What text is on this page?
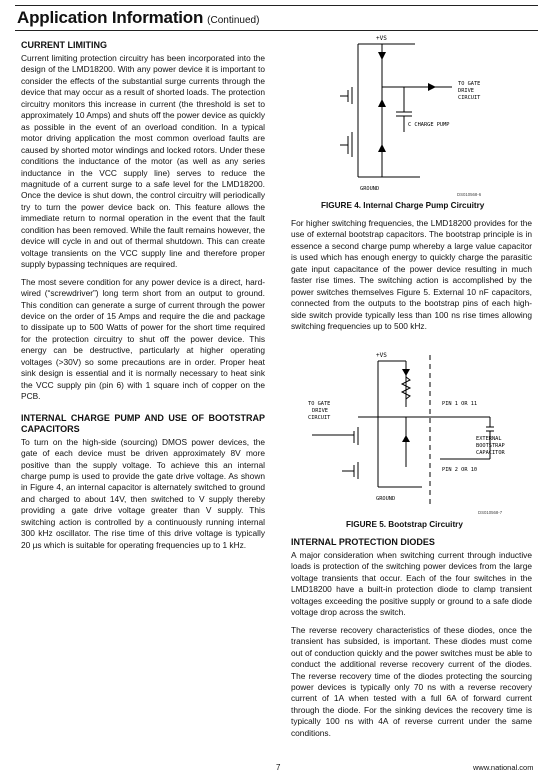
Application Information (Continued)
CURRENT LIMITING

Current limiting protection circuitry has been incorporated into the design of the LMD18200. With any power device it is important to consider the effects of the substantial surge currents through the device that may occur as a result of shorted loads. The protection circuitry monitors this increase in current (the threshold is set to approximately 10 Amps) and shuts off the power device as quickly as possible in the event of an overload condition. In a typical motor driving application the most common overload faults are caused by shorted motor windings and locked rotors. Under these conditions the inductance of the motor (as well as any series inductance in the VCC supply line) serves to reduce the magnitude of a current surge to a safe level for the LMD18200. Once the device is shut down, the control circuitry will periodically try to turn the power device back on. This feature allows the immediate return to normal operation in the event that the fault condition has been removed. While the fault remains however, the device will cycle in and out of thermal shutdown. This can create voltage transients on the VCC supply line and therefore proper supply bypassing techniques are required.

The most severe condition for any power device is a direct, hard-wired (“screwdriver”) long term short from an output to ground. This condition can generate a surge of current through the power device on the order of 15 Amps and require the die and package to dissipate up to 500 Watts of power for the short time required for the protection circuitry to shut off the power device. This energy can be destructive, particularly at higher operating voltages (>30V) so some precautions are in order. Proper heat sink design is essential and it is normally necessary to heat sink the VCC supply pin (pin 6) with 1 square inch of copper on the PCB.

INTERNAL CHARGE PUMP AND USE OF BOOTSTRAP CAPACITORS

To turn on the high-side (sourcing) DMOS power devices, the gate of each device must be driven approximately 8V more positive than the supply voltage. To achieve this an internal charge pump is used to provide the gate drive voltage. As shown in Figure 4, an internal capacitor is alternately switched to ground and charged to about 14V, then switched to V supply thereby providing a gate drive voltage greater than V supply. This switching action is controlled by a continuously running internal 300 kHz oscillator. The rise time of this drive voltage is typically 20 µs which is suitable for operating frequencies up to 1 kHz.

+VS
TO GATE
DRIVE
CIRCUIT
C CHARGE PUMP
GROUND
DS010568-6
FIGURE 4. Internal Charge Pump Circuitry

For higher switching frequencies, the LMD18200 provides for the use of external bootstrap capacitors. The bootstrap principle is in essence a second charge pump whereby a large value capacitor is used which has enough energy to quickly charge the parasitic gate input capacitance of the power device resulting in much faster rise times. The switching action is accomplished by the power switches themselves Figure 5. External 10 nF capacitors, connected from the outputs to the bootstrap pins of each high-side switch provide typically less than 100 ns rise times allowing switching frequencies up to 500 kHz.

+VS
TO GATE
DRIVE
CIRCUIT
PIN 1 OR 11
PIN 2 OR 10
EXTERNAL
BOOTSTRAP
CAPACITOR
GROUND
DS010568-7
FIGURE 5. Bootstrap Circuitry
INTERNAL PROTECTION DIODES

A major consideration when switching current through inductive loads is protection of the switching power devices from the large voltage transients that occur. Each of the four switches in the LMD18200 have a built-in protection diode to clamp transient voltages exceeding the positive supply or ground to a safe diode voltage drop across the switch.

The reverse recovery characteristics of these diodes, once the transient has subsided, is important. These diodes must come out of conduction quickly and the power switches must be able to conduct the additional reverse recovery current of the diodes. The reverse recovery time of the diodes protecting the sourcing power devices is typically only 70 ns with a reverse recovery current of 1A when tested with a full 6A of forward current through the diode. For the sinking devices the recovery time is typically 100 ns with 4A of reverse current under the same conditions.

7	www.national.com
